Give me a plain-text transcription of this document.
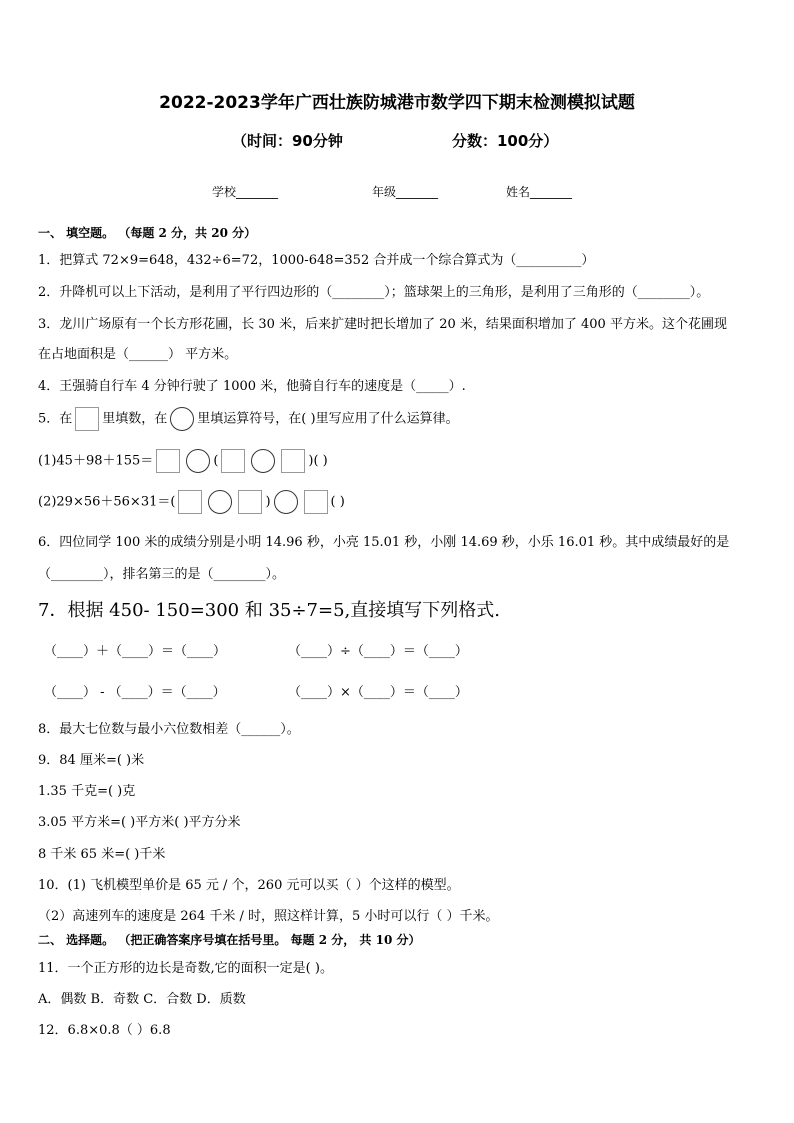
2022-2023学年广西壮族防城港市数学四下期末检测模拟试题
（时间：90分钟	分数：100分）
学校_______	年级_______	姓名_______
一、 填空题。 （每题 2 分，共 20 分）
1．把算式 72×9=648，432÷6=72，1000-648=352 合并成一个综合算式为（__________）
2．升降机可以上下活动，是利用了平行四边形的（________）；篮球架上的三角形，是利用了三角形的（________）。
3．龙川广场原有一个长方形花圃，长 30 米，后来扩建时把长增加了 20 米，结果面积增加了 400 平方米。这个花圃现
在占地面积是（______） 平方米。
4．王强骑自行车 4 分钟行驶了 1000 米，他骑自行车的速度是（_____）.
5．在 里填数，在 里填运算符号，在( )里写应用了什么运算律。
(1)45＋98＋155＝	(	)( )
(2)29×56＋56×31＝(	)	( )
6．四位同学 100 米的成绩分别是小明 14.96 秒，小亮 15.01 秒，小刚 14.69 秒，小乐 16.01 秒。其中成绩最好的是
（________），排名第三的是（________）。
7．根据 450- 150=300 和 35÷7=5,直接填写下列格式.
（____）＋（____）＝（____）	（____）÷（____）＝（____）
（____） - （____）＝（____）	（____）×（____）＝（____）
8．最大七位数与最小六位数相差（______）。
9．84 厘米=( )米
1.35 千克=( )克
3.05 平方米=( )平方米( )平方分米
8 千米 65 米=( )千米
10．(1) 飞机模型单价是 65 元 / 个，260 元可以买（ ）个这样的模型。
（2）高速列车的速度是 264 千米 / 时，照这样计算，5 小时可以行（ ）千米。
二、 选择题。 （把正确答案序号填在括号里。 每题 2 分， 共 10 分）
11．一个正方形的边长是奇数,它的面积一定是( )。
A．偶数 B．奇数 C．合数 D．质数
12．6.8×0.8（ ）6.8
